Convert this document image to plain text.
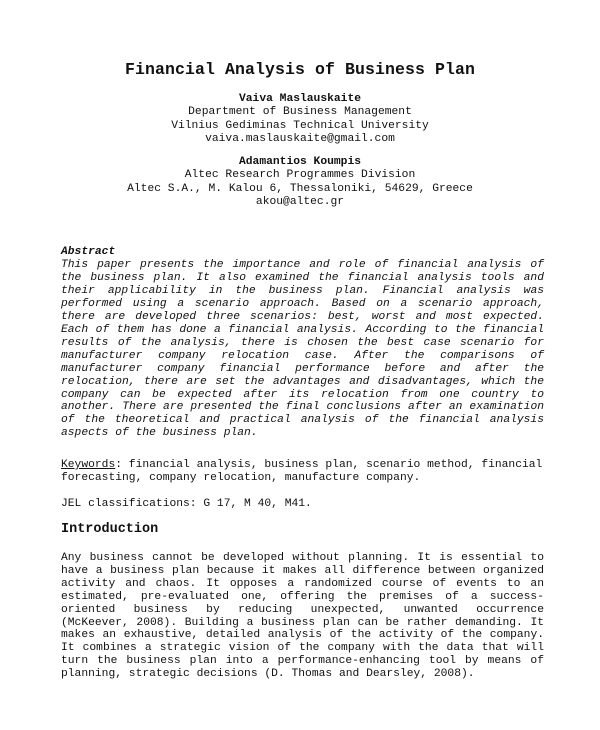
Financial Analysis of Business Plan
Vaiva Maslauskaite
Department of Business Management
Vilnius Gediminas Technical University
vaiva.maslauskaite@gmail.com
Adamantios Koumpis
Altec Research Programmes Division
Altec S.A., M. Kalou 6, Thessaloniki, 54629, Greece
akou@altec.gr
Abstract
This paper presents the importance and role of financial analysis of the business plan. It also examined the financial analysis tools and their applicability in the business plan. Financial analysis was performed using a scenario approach. Based on a scenario approach, there are developed three scenarios: best, worst and most expected. Each of them has done a financial analysis. According to the financial results of the analysis, there is chosen the best case scenario for manufacturer company relocation case. After the comparisons of manufacturer company financial performance before and after the relocation, there are set the advantages and disadvantages, which the company can be expected after its relocation from one country to another. There are presented the final conclusions after an examination of the theoretical and practical analysis of the financial analysis aspects of the business plan.
Keywords: financial analysis, business plan, scenario method, financial forecasting, company relocation, manufacture company.
JEL classifications: G 17, M 40, M41.
Introduction
Any business cannot be developed without planning. It is essential to have a business plan because it makes all difference between organized activity and chaos. It opposes a randomized course of events to an estimated, pre-evaluated one, offering the premises of a success-oriented business by reducing unexpected, unwanted occurrence (McKeever, 2008). Building a business plan can be rather demanding. It makes an exhaustive, detailed analysis of the activity of the company. It combines a strategic vision of the company with the data that will turn the business plan into a performance-enhancing tool by means of planning, strategic decisions (D. Thomas and Dearsley, 2008).
